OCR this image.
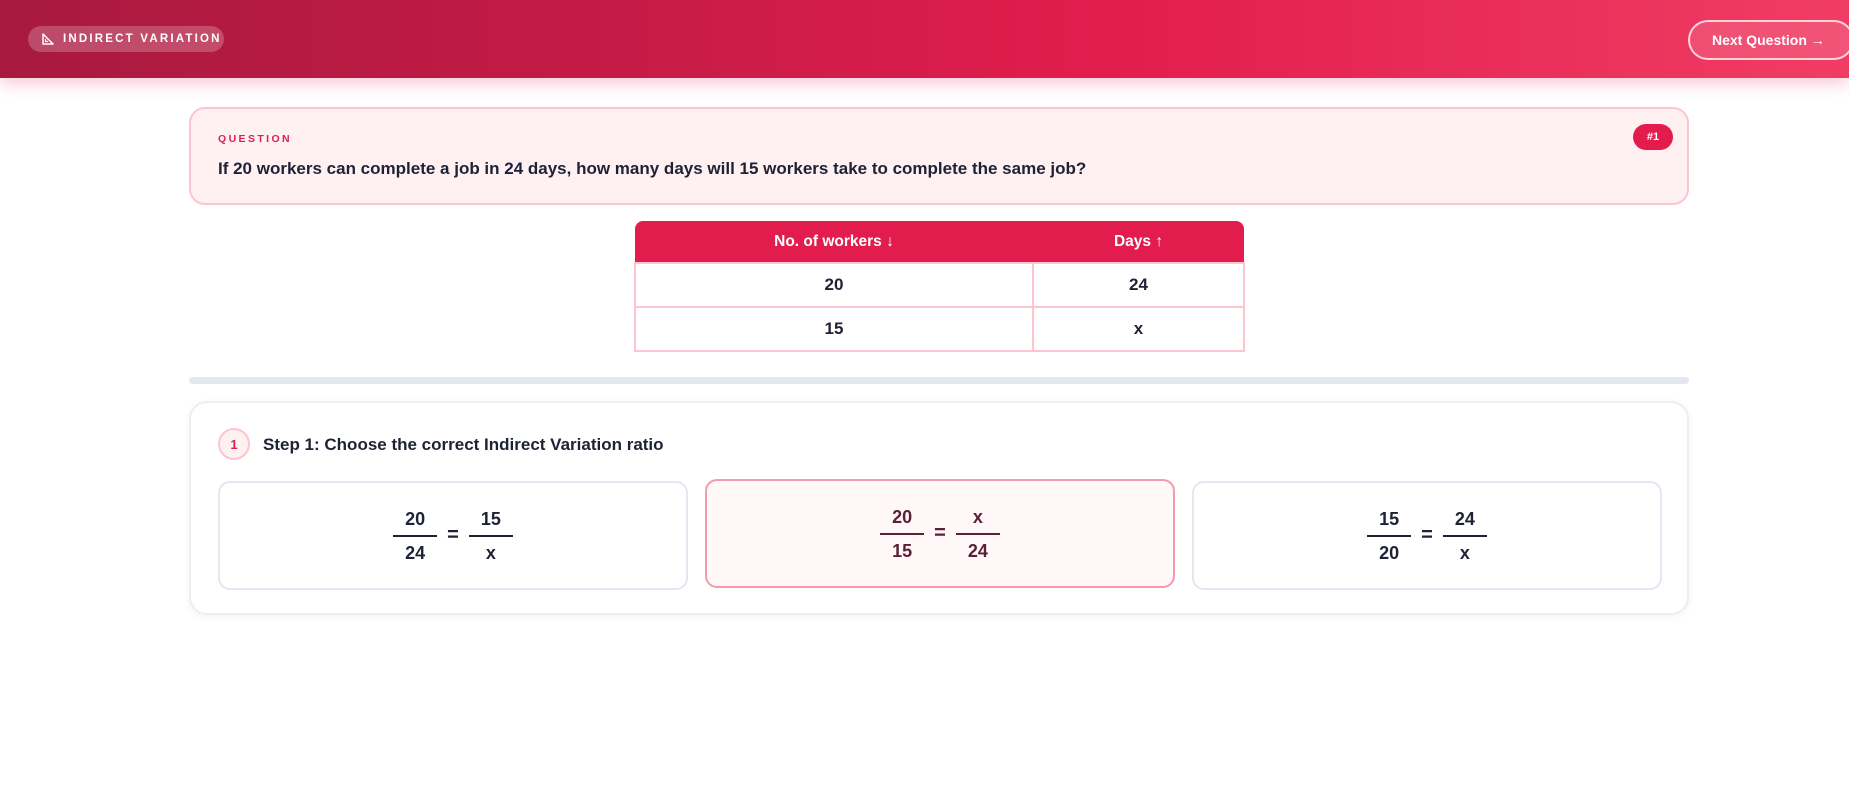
INDIRECT VARIATION	Next Question →
QUESTION
If 20 workers can complete a job in 24 days, how many days will 15 workers take to complete the same job?
#1
No. of workers ↓	Days ↑
20	24
15	x
1	Step 1: Choose the correct Indirect Variation ratio
$\frac{20}{24} = \frac{15}{x}$	$\frac{20}{15} = \frac{x}{24}$	$\frac{15}{20} = \frac{24}{x}$
